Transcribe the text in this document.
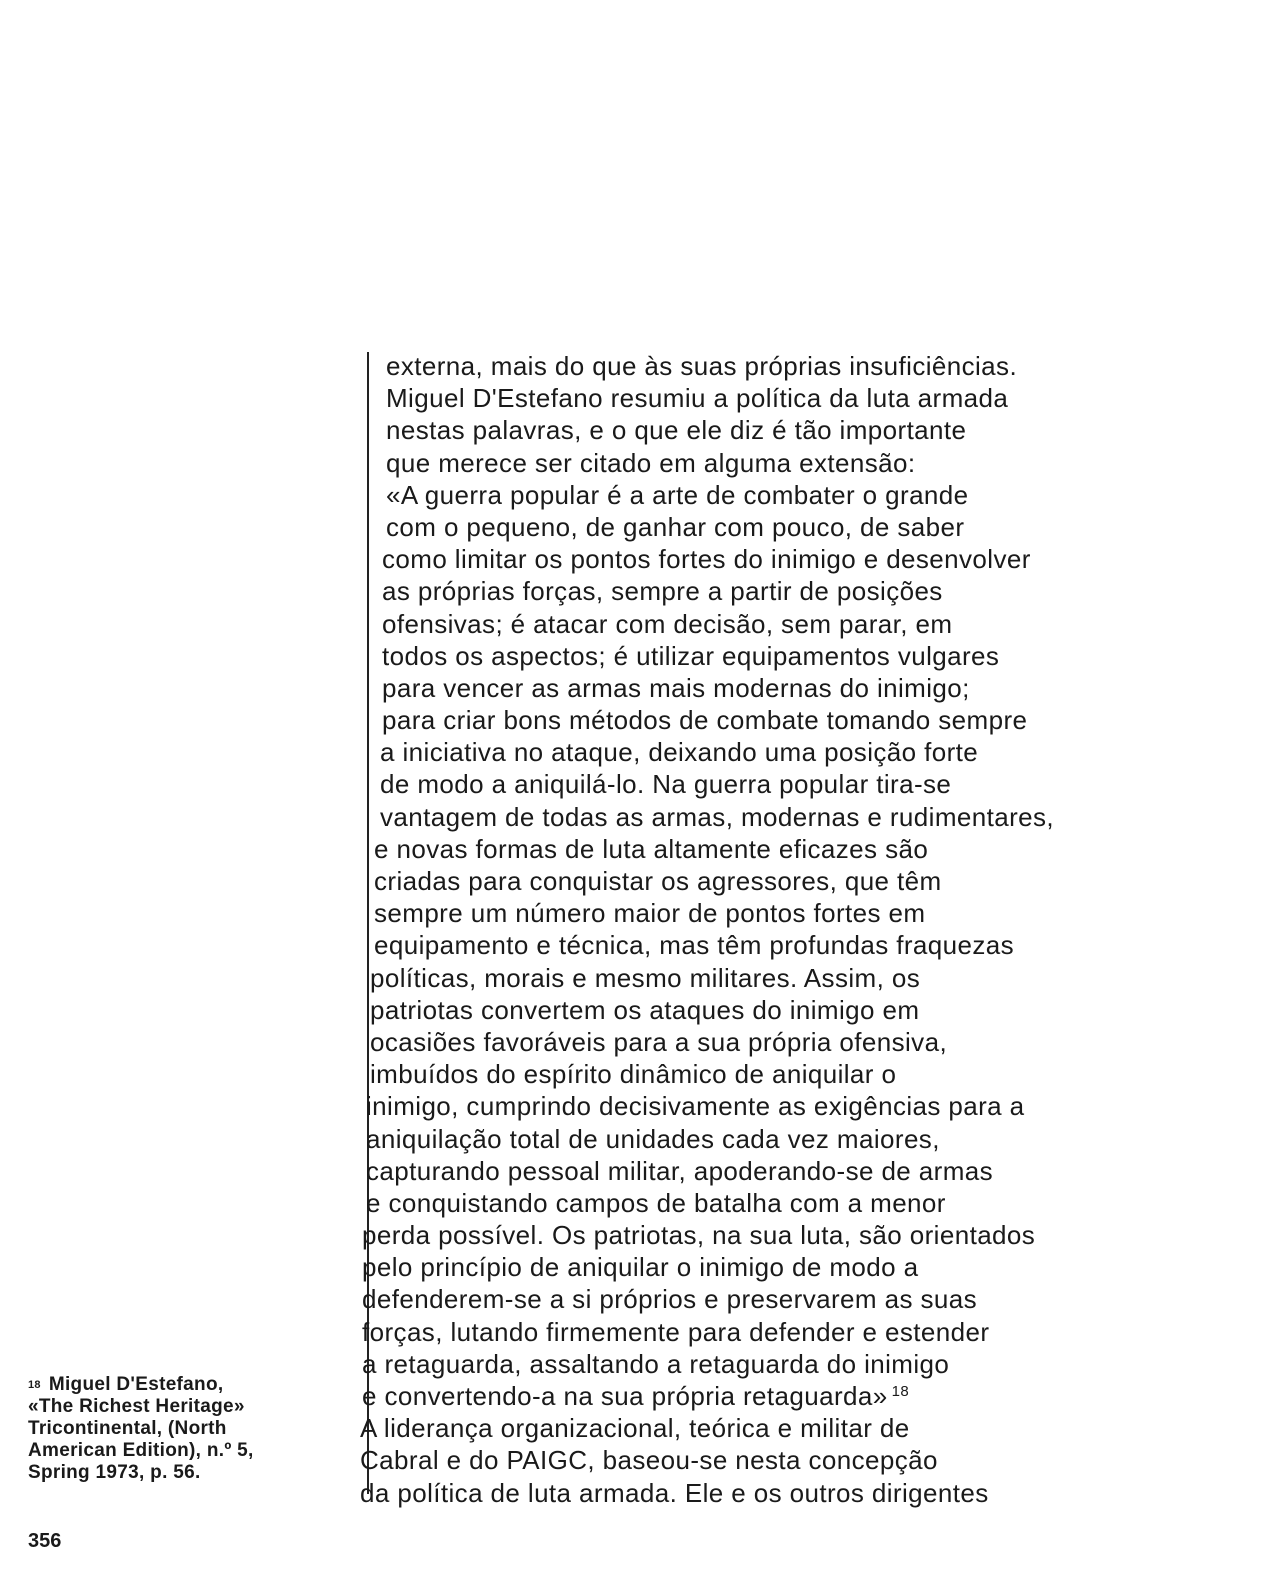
externa, mais do que às suas próprias insuficiências.
Miguel D'Estefano resumiu a política da luta armada
nestas palavras, e o que ele diz é tão importante
que merece ser citado em alguma extensão:
«A guerra popular é a arte de combater o grande
com o pequeno, de ganhar com pouco, de saber
como limitar os pontos fortes do inimigo e desenvolver
as próprias forças, sempre a partir de posições
ofensivas; é atacar com decisão, sem parar, em
todos os aspectos; é utilizar equipamentos vulgares
para vencer as armas mais modernas do inimigo;
para criar bons métodos de combate tomando sempre
a iniciativa no ataque, deixando uma posição forte
de modo a aniquilá-lo. Na guerra popular tira-se
vantagem de todas as armas, modernas e rudimentares,
e novas formas de luta altamente eficazes são
criadas para conquistar os agressores, que têm
sempre um número maior de pontos fortes em
equipamento e técnica, mas têm profundas fraquezas
políticas, morais e mesmo militares. Assim, os
patriotas convertem os ataques do inimigo em
ocasiões favoráveis para a sua própria ofensiva,
imbuídos do espírito dinâmico de aniquilar o
inimigo, cumprindo decisivamente as exigências para a
aniquilação total de unidades cada vez maiores,
capturando pessoal militar, apoderando-se de armas
e conquistando campos de batalha com a menor
perda possível. Os patriotas, na sua luta, são orientados
pelo princípio de aniquilar o inimigo de modo a
defenderem-se a si próprios e preservarem as suas
forças, lutando firmemente para defender e estender
a retaguarda, assaltando a retaguarda do inimigo
e convertendo-a na sua própria retaguarda» $^{18}$
A liderança organizacional, teórica e militar de
Cabral e do PAIGC, baseou-se nesta concepção
da política de luta armada. Ele e os outros dirigentes
$^{18}$ Miguel D'Estefano,
«The Richest Heritage»
Tricontinental, (North
American Edition), n.º 5,
Spring 1973, p. 56.
356
